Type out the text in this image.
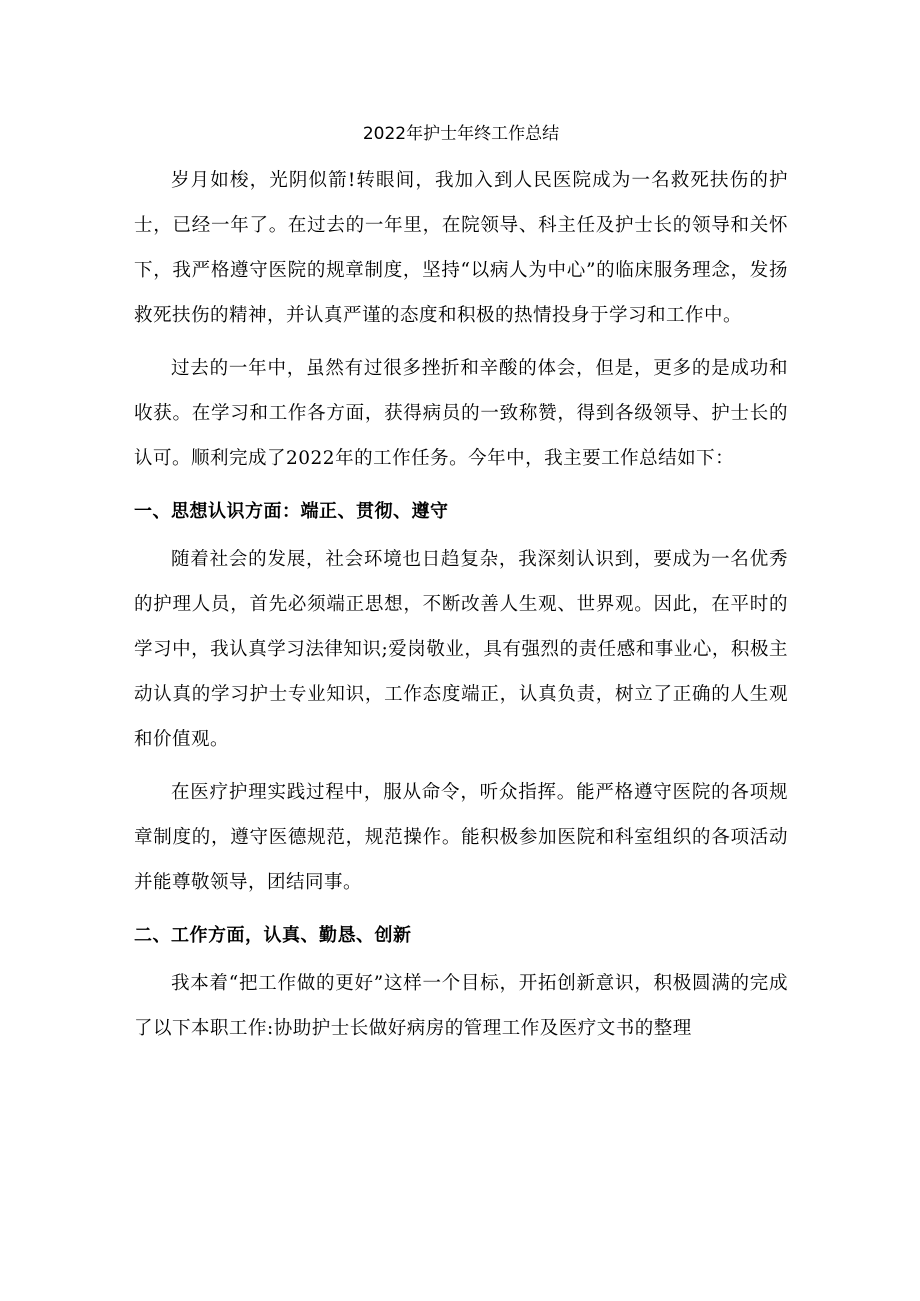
2022年护士年终工作总结

岁月如梭，光阴似箭!转眼间，我加入到人民医院成为一名救死扶伤的护士，已经一年了。在过去的一年里，在院领导、科主任及护士长的领导和关怀下，我严格遵守医院的规章制度，坚持“以病人为中心”的临床服务理念，发扬救死扶伤的精神，并认真严谨的态度和积极的热情投身于学习和工作中。

过去的一年中，虽然有过很多挫折和辛酸的体会，但是，更多的是成功和收获。在学习和工作各方面，获得病员的一致称赞，得到各级领导、护士长的认可。顺利完成了2022年的工作任务。今年中，我主要工作总结如下：

一、思想认识方面：端正、贯彻、遵守

随着社会的发展，社会环境也日趋复杂，我深刻认识到，要成为一名优秀的护理人员，首先必须端正思想，不断改善人生观、世界观。因此，在平时的学习中，我认真学习法律知识;爱岗敬业，具有强烈的责任感和事业心，积极主动认真的学习护士专业知识，工作态度端正，认真负责，树立了正确的人生观和价值观。

在医疗护理实践过程中，服从命令，听众指挥。能严格遵守医院的各项规章制度的，遵守医德规范，规范操作。能积极参加医院和科室组织的各项活动并能尊敬领导，团结同事。

二、工作方面，认真、勤恳、创新

我本着“把工作做的更好”这样一个目标，开拓创新意识，积极圆满的完成了以下本职工作:协助护士长做好病房的管理工作及医疗文书的整理
